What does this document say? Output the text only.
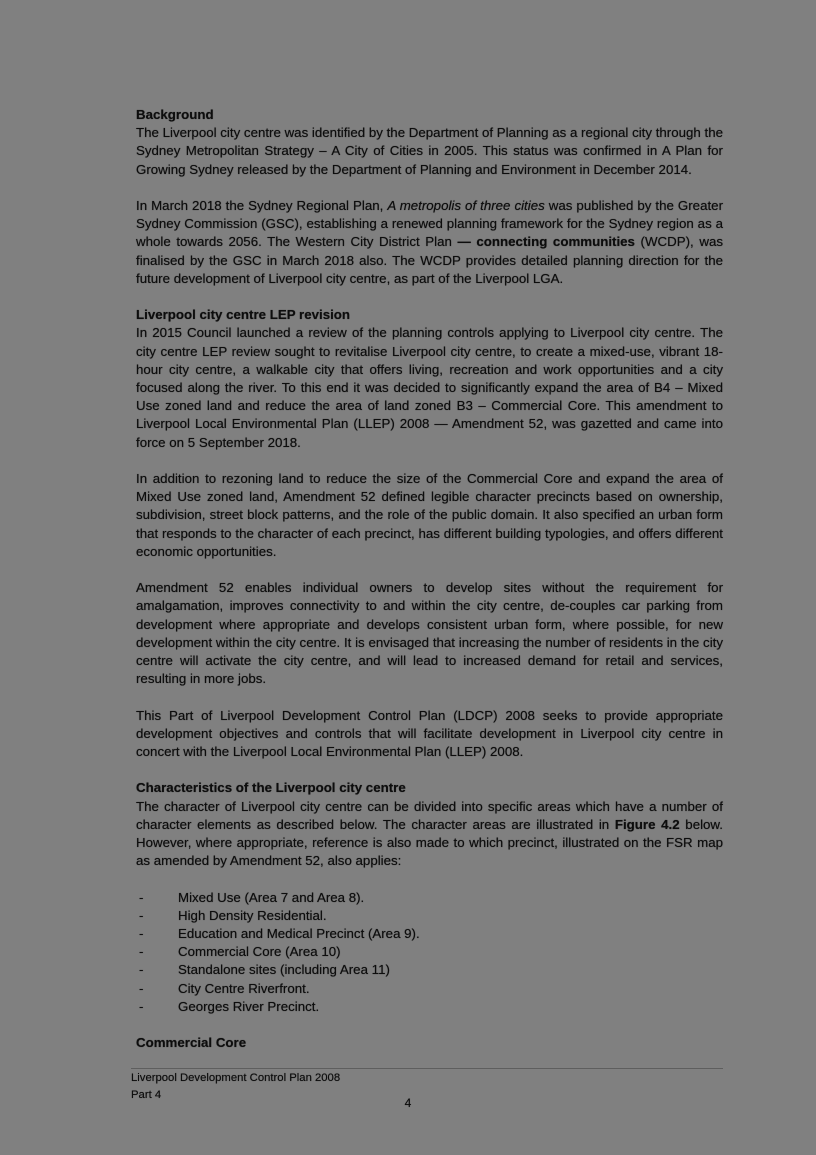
Background
The Liverpool city centre was identified by the Department of Planning as a regional city through the Sydney Metropolitan Strategy – A City of Cities in 2005. This status was confirmed in A Plan for Growing Sydney released by the Department of Planning and Environment in December 2014.
In March 2018 the Sydney Regional Plan, A metropolis of three cities was published by the Greater Sydney Commission (GSC), establishing a renewed planning framework for the Sydney region as a whole towards 2056. The Western City District Plan — connecting communities (WCDP), was finalised by the GSC in March 2018 also. The WCDP provides detailed planning direction for the future development of Liverpool city centre, as part of the Liverpool LGA.
Liverpool city centre LEP revision
In 2015 Council launched a review of the planning controls applying to Liverpool city centre. The city centre LEP review sought to revitalise Liverpool city centre, to create a mixed-use, vibrant 18-hour city centre, a walkable city that offers living, recreation and work opportunities and a city focused along the river. To this end it was decided to significantly expand the area of B4 – Mixed Use zoned land and reduce the area of land zoned B3 – Commercial Core. This amendment to Liverpool Local Environmental Plan (LLEP) 2008 — Amendment 52, was gazetted and came into force on 5 September 2018.
In addition to rezoning land to reduce the size of the Commercial Core and expand the area of Mixed Use zoned land, Amendment 52 defined legible character precincts based on ownership, subdivision, street block patterns, and the role of the public domain. It also specified an urban form that responds to the character of each precinct, has different building typologies, and offers different economic opportunities.
Amendment 52 enables individual owners to develop sites without the requirement for amalgamation, improves connectivity to and within the city centre, de-couples car parking from development where appropriate and develops consistent urban form, where possible, for new development within the city centre. It is envisaged that increasing the number of residents in the city centre will activate the city centre, and will lead to increased demand for retail and services, resulting in more jobs.
This Part of Liverpool Development Control Plan (LDCP) 2008 seeks to provide appropriate development objectives and controls that will facilitate development in Liverpool city centre in concert with the Liverpool Local Environmental Plan (LLEP) 2008.
Characteristics of the Liverpool city centre
The character of Liverpool city centre can be divided into specific areas which have a number of character elements as described below. The character areas are illustrated in Figure 4.2 below. However, where appropriate, reference is also made to which precinct, illustrated on the FSR map as amended by Amendment 52, also applies:
-	Mixed Use (Area 7 and Area 8).
-	High Density Residential.
-	Education and Medical Precinct (Area 9).
-	Commercial Core (Area 10)
-	Standalone sites (including Area 11)
-	City Centre Riverfront.
-	Georges River Precinct.
Commercial Core
Liverpool Development Control Plan 2008
Part 4
4
